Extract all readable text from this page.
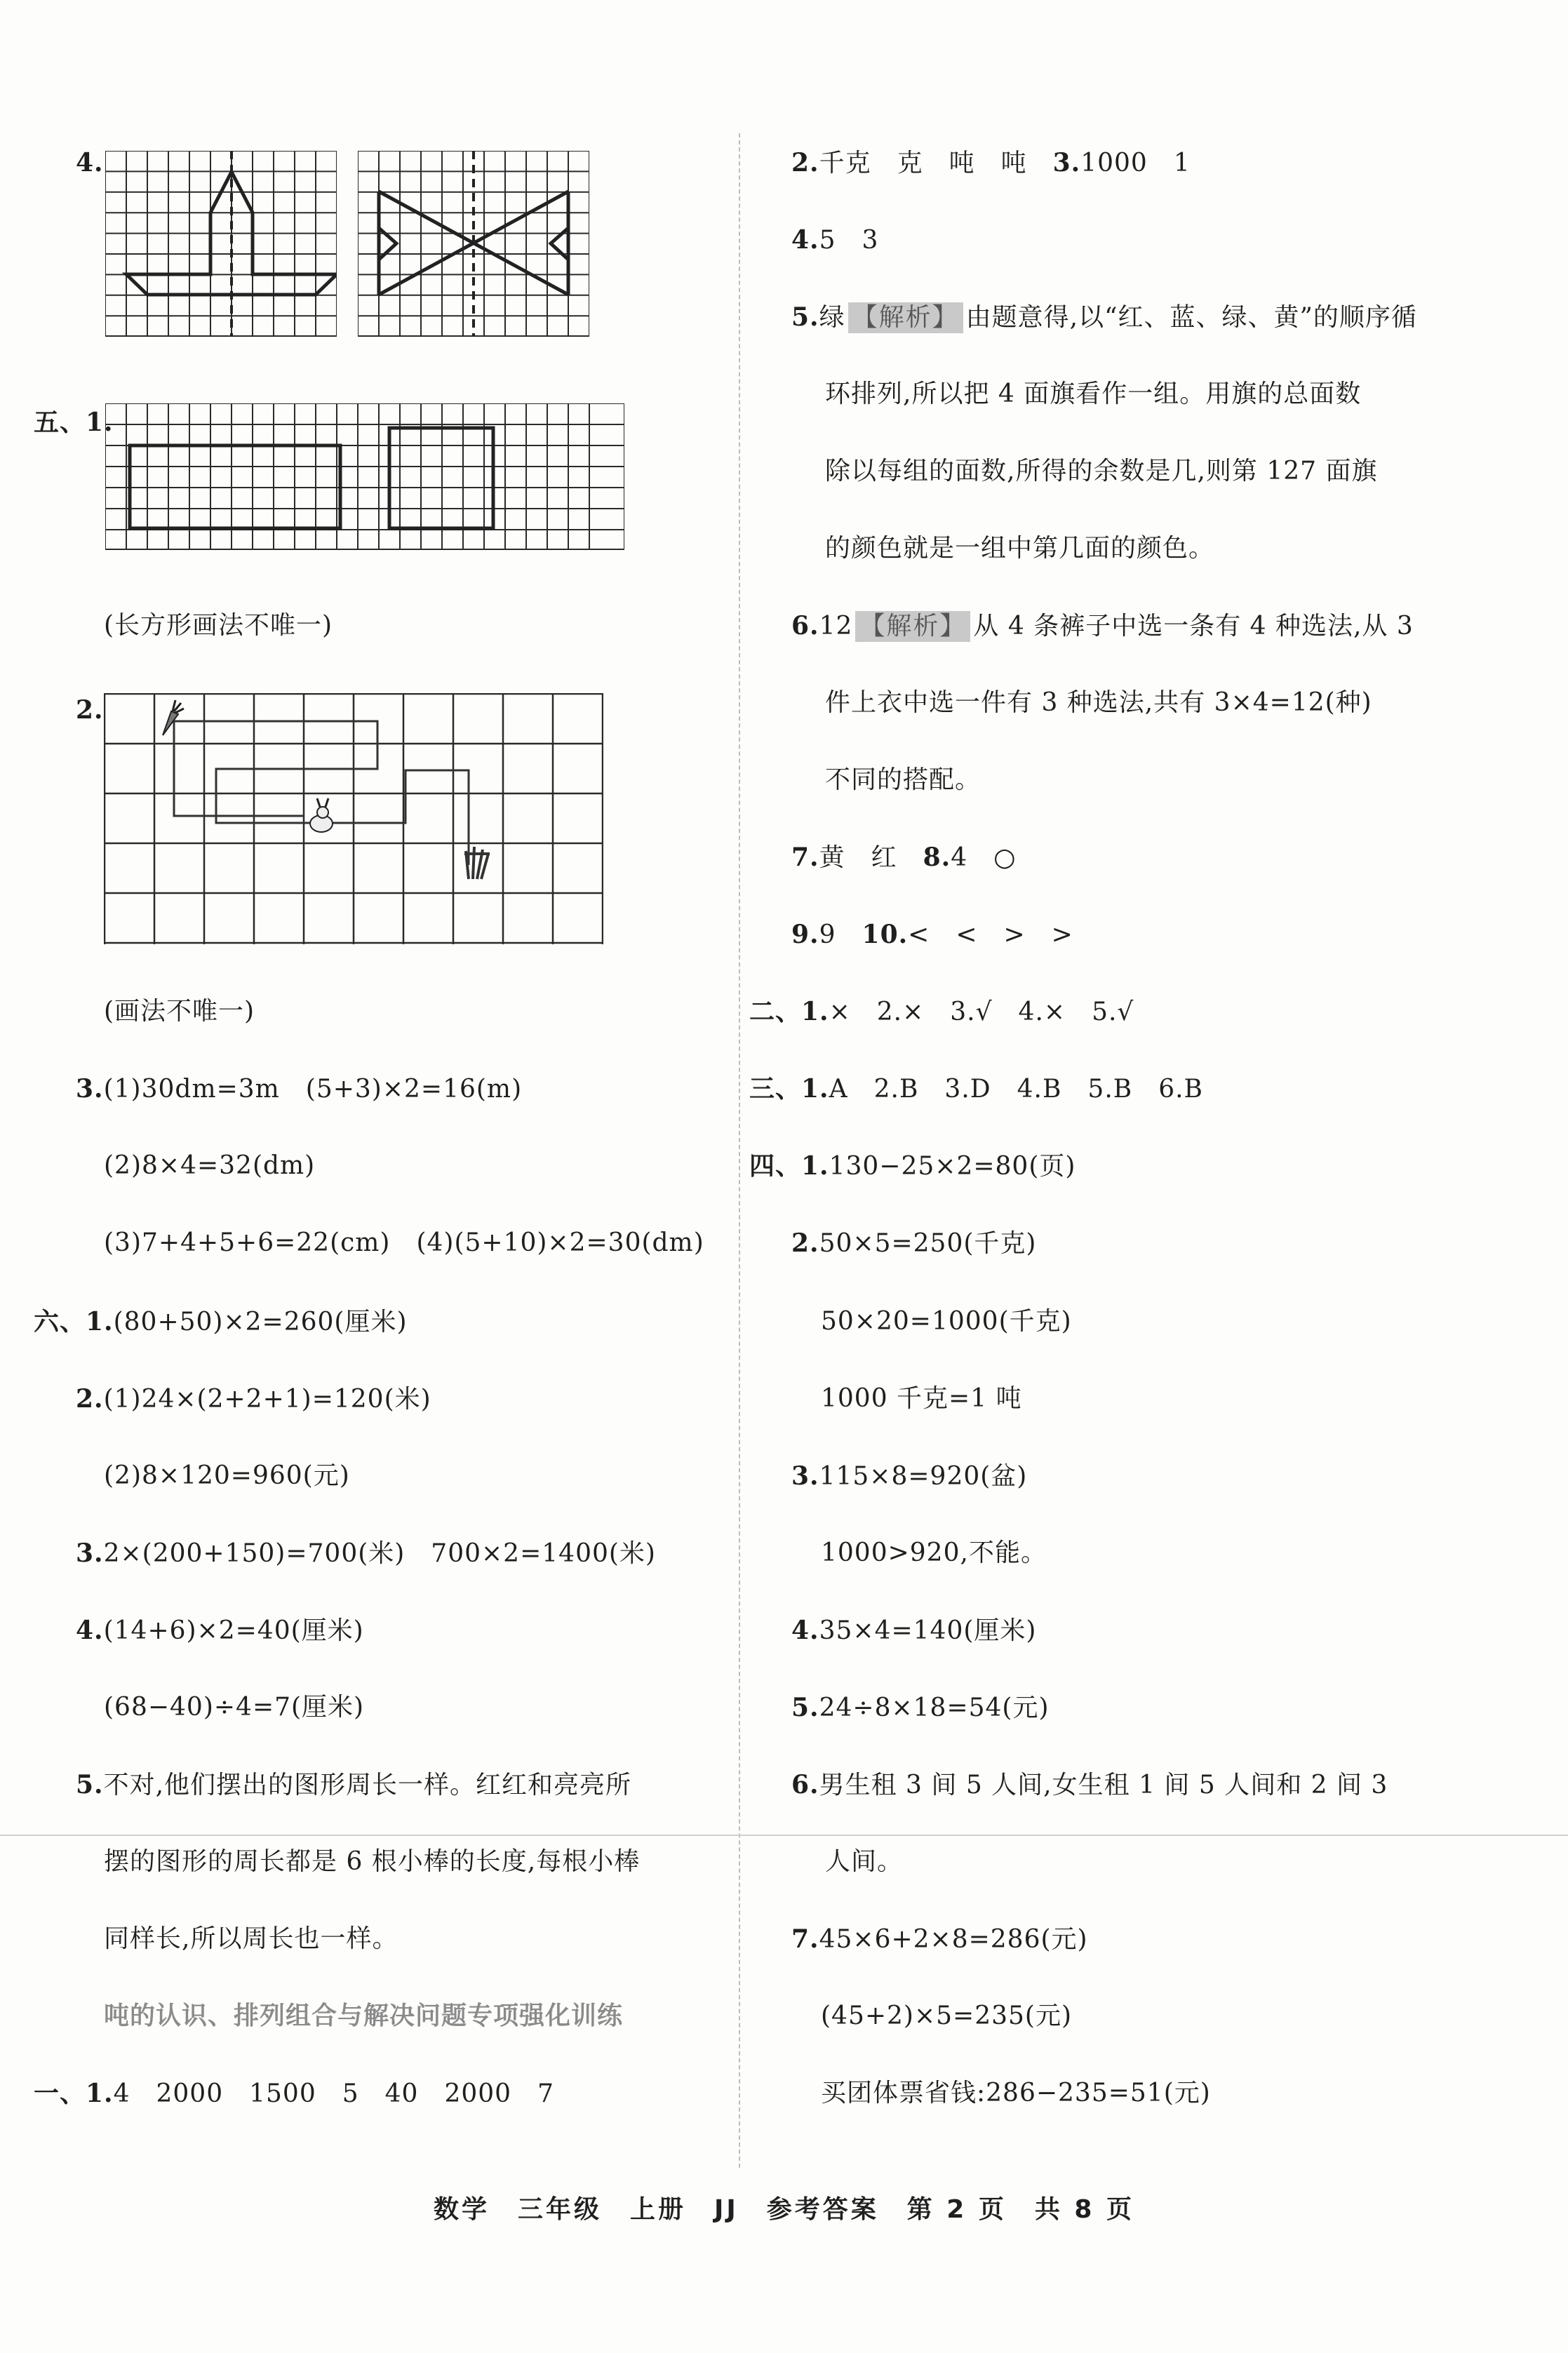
4.
五、1.
(长方形画法不唯一)
2.
(画法不唯一)
3.(1)30dm=3m　(5+3)×2=16(m)
(2)8×4=32(dm)
(3)7+4+5+6=22(cm)　(4)(5+10)×2=30(dm)
六、1.(80+50)×2=260(厘米)
2.(1)24×(2+2+1)=120(米)
(2)8×120=960(元)
3.2×(200+150)=700(米)　700×2=1400(米)
4.(14+6)×2=40(厘米)
(68−40)÷4=7(厘米)
5.不对,他们摆出的图形周长一样。红红和亮亮所
摆的图形的周长都是 6 根小棒的长度,每根小棒
同样长,所以周长也一样。
吨的认识、排列组合与解决问题专项强化训练
一、1.4　2000　1500　5　40　2000　7
2.千克　克　吨　吨　 3.1000　1
4.5　3
5.绿 【解析】 由题意得,以“红、蓝、绿、黄”的顺序循
环排列,所以把 4 面旗看作一组。用旗的总面数
除以每组的面数,所得的余数是几,则第 127 面旗
的颜色就是一组中第几面的颜色。
6.12 【解析】 从 4 条裤子中选一条有 4 种选法,从 3
件上衣中选一件有 3 种选法,共有 3×4=12(种)
不同的搭配。
7.黄　红　 8.4　○
9.9　 10.<　<　>　>
二、1.×　2.×　3.√　4.×　5.√
三、1.A　2.B　3.D　4.B　5.B　6.B
四、1.130−25×2=80(页)
2.50×5=250(千克)
50×20=1000(千克)
1000 千克=1 吨
3.115×8=920(盆)
1000>920,不能。
4.35×4=140(厘米)
5.24÷8×18=54(元)
6.男生租 3 间 5 人间,女生租 1 间 5 人间和 2 间 3
人间。
7.45×6+2×8=286(元)
(45+2)×5=235(元)
买团体票省钱:286−235=51(元)
数学　三年级　上册　JJ　参考答案　第 2 页　共 8 页
